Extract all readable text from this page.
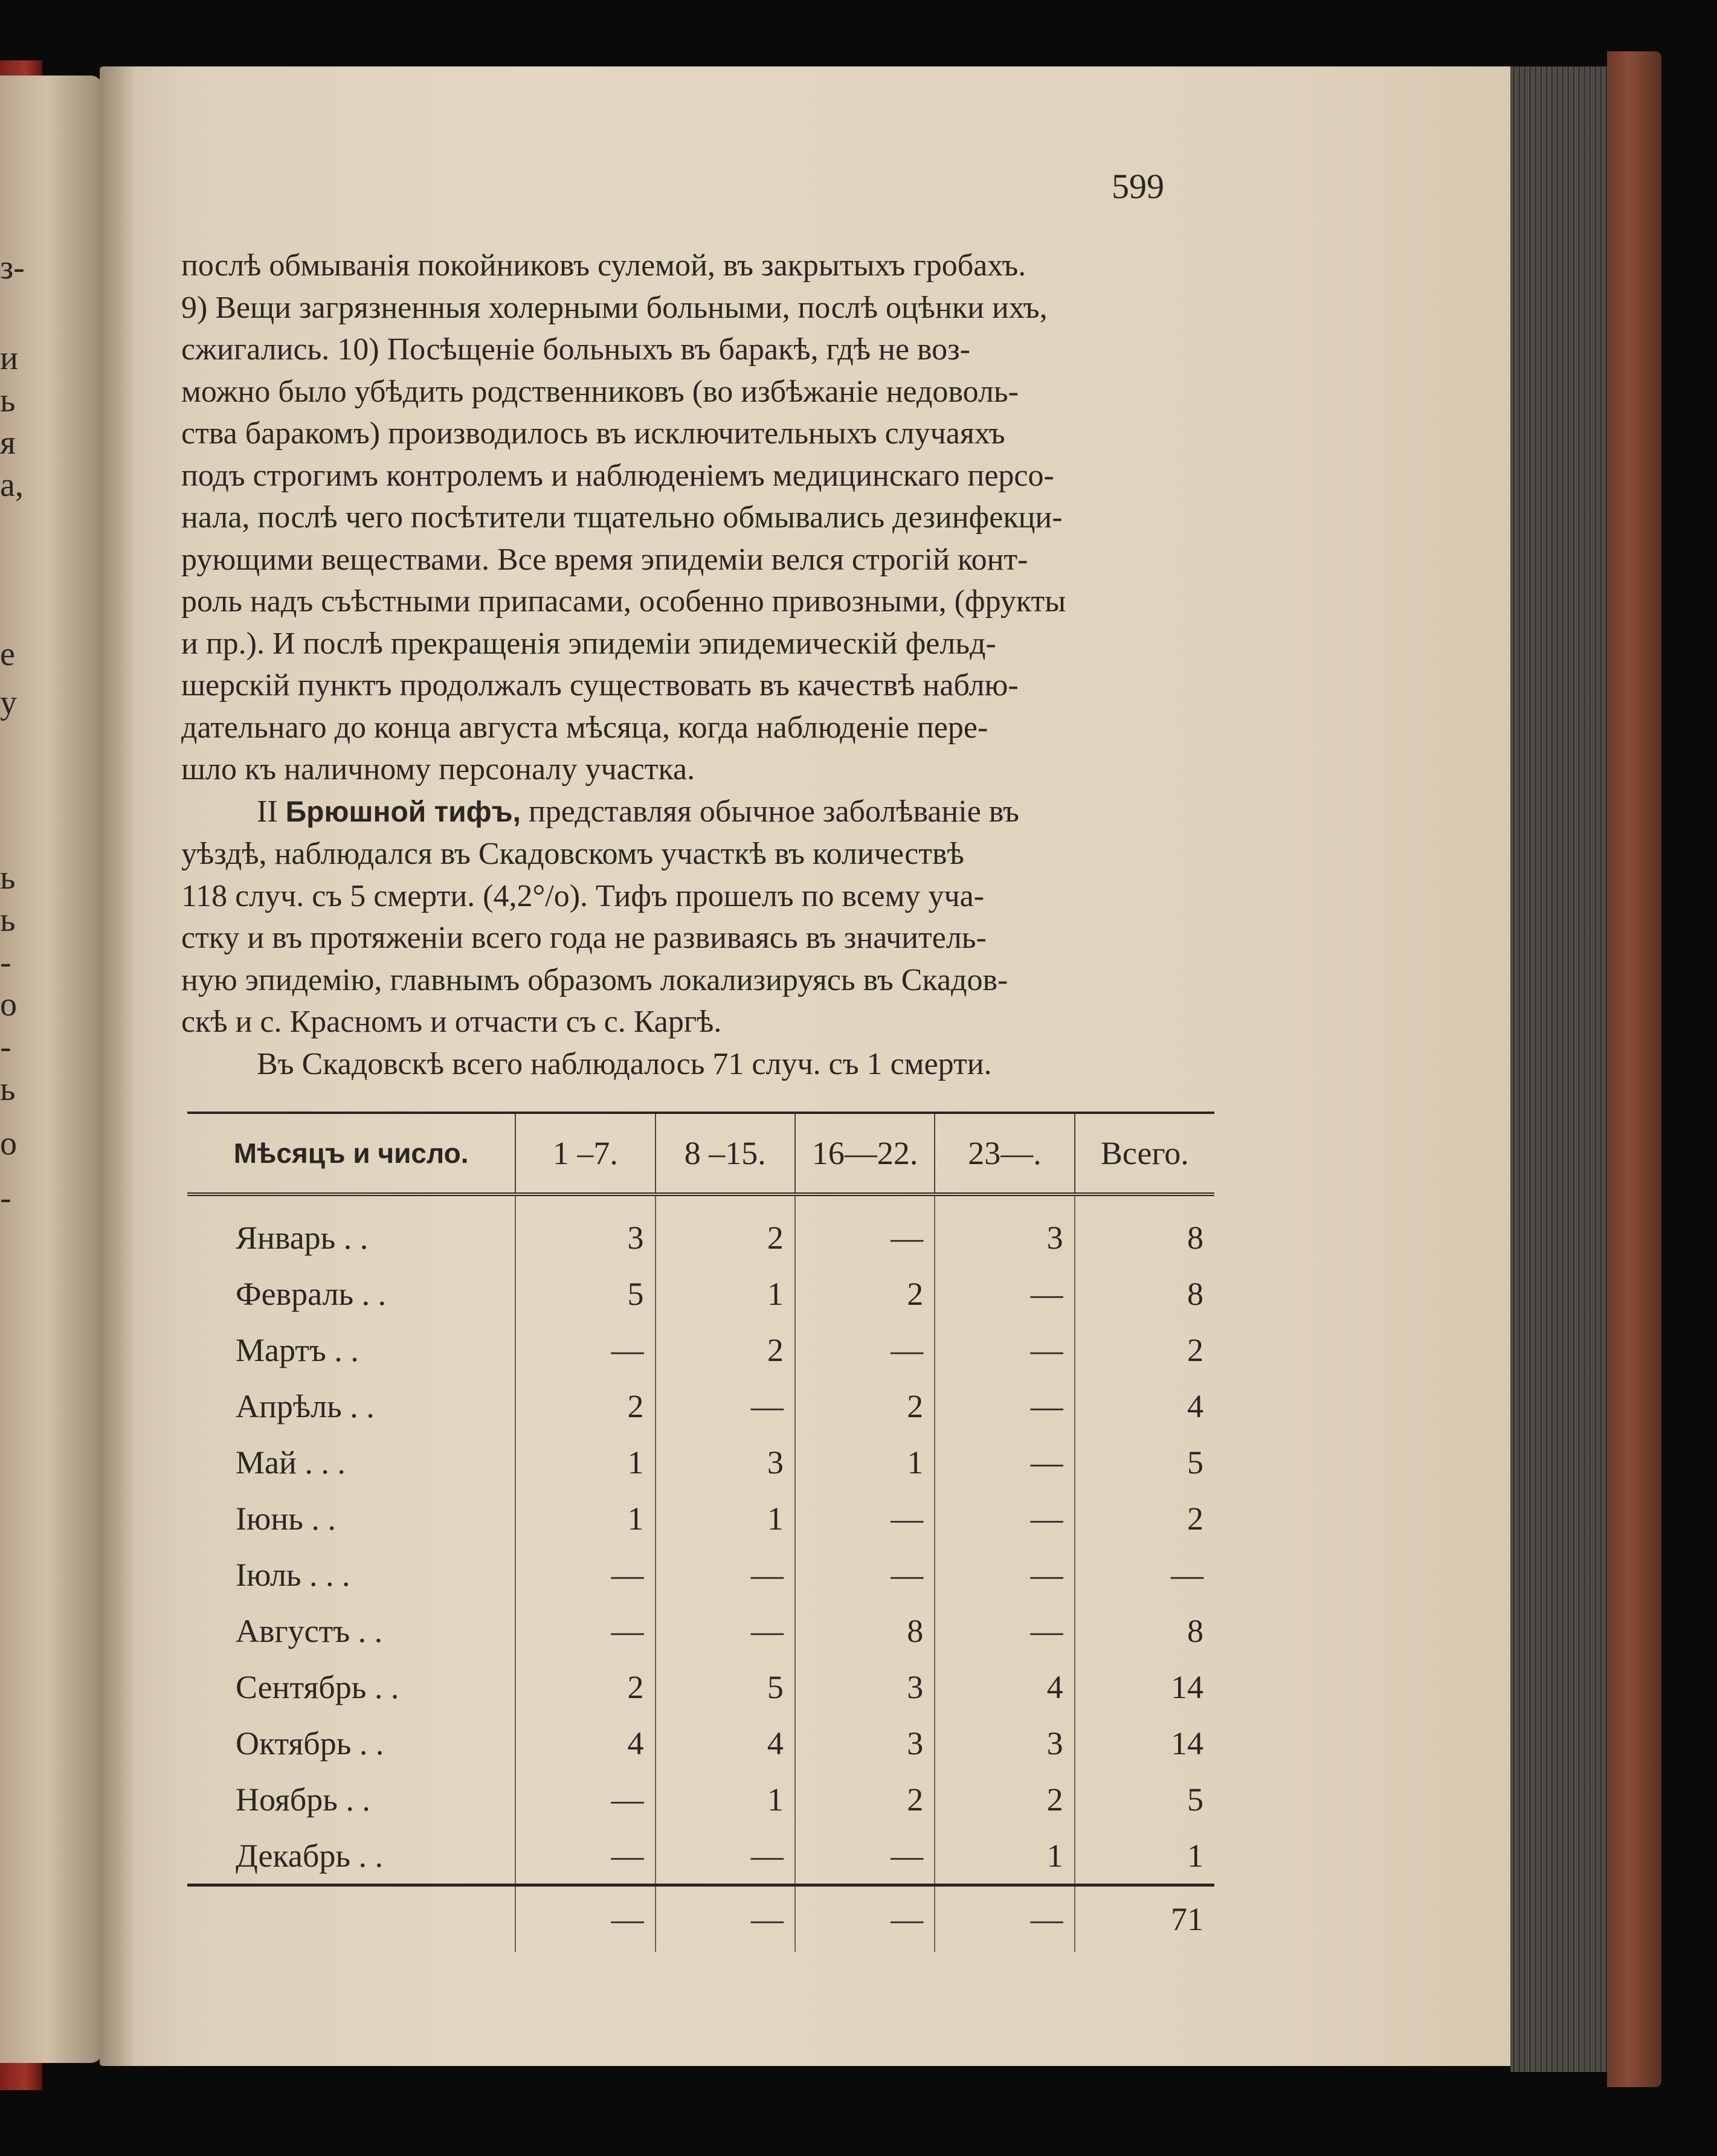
з-
и
ь
я
а,
е
у
ь
ь
-
о
-
ь
о
-
599

послѣ обмыванія покойниковъ сулемой, въ закрытыхъ гробахъ.
9) Вещи загрязненныя холерными больными, послѣ оцѣнки ихъ,
сжигались. 10) Посѣщеніе больныхъ въ баракѣ, гдѣ не воз-
можно было убѣдить родственниковъ (во избѣжаніе недоволь-
ства баракомъ) производилось въ исключительныхъ случаяхъ
подъ строгимъ контролемъ и наблюденіемъ медицинскаго персо-
нала, послѣ чего посѣтители тщательно обмывались дезинфекци-
рующими веществами. Все время эпидеміи велся строгій конт-
роль надъ съѣстными припасами, особенно привозными, (фрукты
и пр.). И послѣ прекращенія эпидеміи эпидемическій фельд-
шерскій пунктъ продолжалъ существовать въ качествѣ наблю-
дательнаго до конца августа мѣсяца, когда наблюденіе пере-
шло къ наличному персоналу участка.

II Брюшной тифъ, представляя обычное заболѣваніе въ
уѣздѣ, наблюдался въ Скадовскомъ участкѣ въ количествѣ
118 случ. съ 5 смерти. (4,2°/o). Тифъ прошелъ по всему уча-
стку и въ протяженіи всего года не развиваясь въ значитель-
ную эпидемію, главнымъ образомъ локализируясь въ Скадов-
скѣ и с. Красномъ и отчасти съ с. Каргѣ.

Въ Скадовскѣ всего наблюдалось 71 случ. съ 1 смерти.

Мѣсяцъ и число.	1 –7.	8 –15.	16—22.	23—.	Всего.
Январь . .	3	2	—	3	8
Февраль . .	5	1	2	—	8
Мартъ . .	—	2	—	—	2
Апрѣль . .	2	—	2	—	4
Май . . .	1	3	1	—	5
Іюнь . .	1	1	—	—	2
Іюль . . .	—	—	—	—	—
Августъ . .	—	—	8	—	8
Сентябрь . .	2	5	3	4	14
Октябрь . .	4	4	3	3	14
Ноябрь . .	—	1	2	2	5
Декабрь . .	—	—	—	1	1
	—	—	—	—	71
